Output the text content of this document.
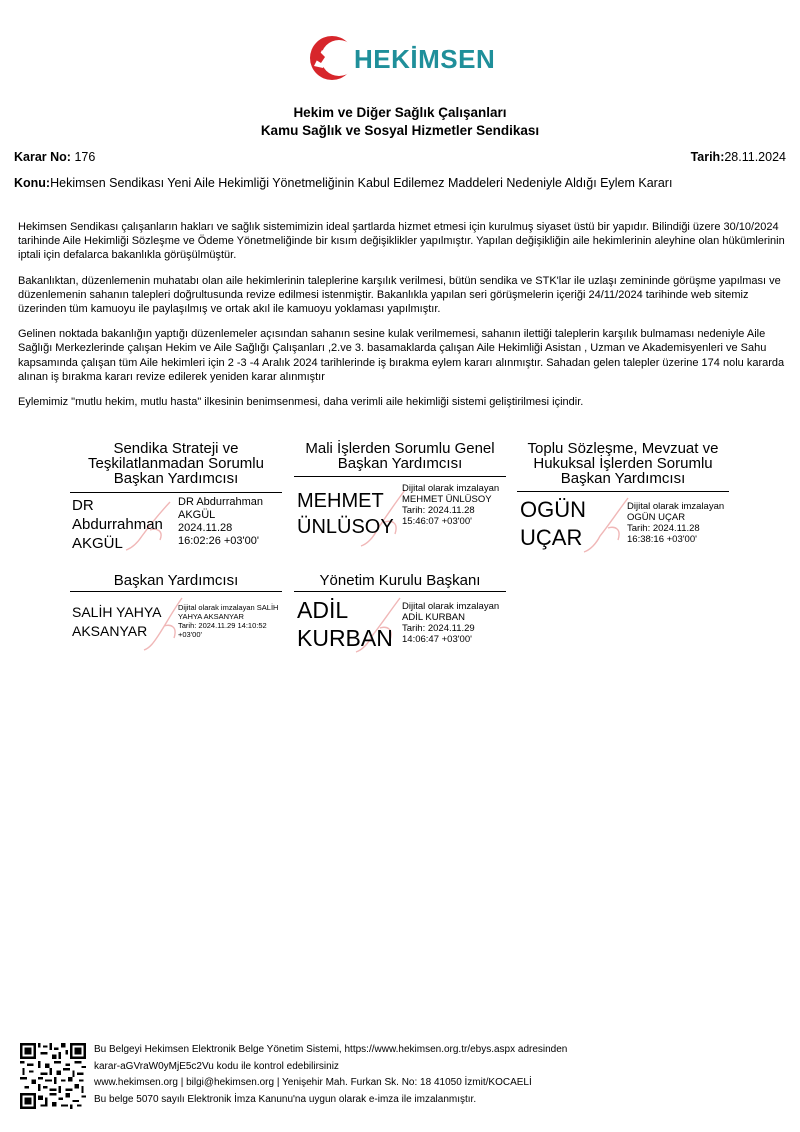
HEKİMSEN
Hekim ve Diğer Sağlık Çalışanları
Kamu Sağlık ve Sosyal Hizmetler Sendikası
Karar No: 176	Tarih:28.11.2024
Konu:Hekimsen Sendikası Yeni Aile Hekimliği Yönetmeliğinin Kabul Edilemez Maddeleri Nedeniyle Aldığı Eylem Kararı

Hekimsen Sendikası çalışanların hakları ve sağlık sistemimizin ideal şartlarda hizmet etmesi için kurulmuş siyaset üstü bir yapıdır. Bilindiği üzere 30/10/2024 tarihinde Aile Hekimliği Sözleşme ve Ödeme Yönetmeliğinde bir kısım değişiklikler yapılmıştır. Yapılan değişikliğin aile hekimlerinin aleyhine olan hükümlerinin iptali için defalarca bakanlıkla görüşülmüştür.

Bakanlıktan, düzenlemenin muhatabı olan aile hekimlerinin taleplerine karşılık verilmesi, bütün sendika ve STK'lar ile uzlaşı zemininde görüşme yapılması ve düzenlemenin sahanın talepleri doğrultusunda revize edilmesi istenmiştir. Bakanlıkla yapılan seri görüşmelerin içeriği 24/11/2024 tarihinde web sitemiz üzerinden tüm kamuoyu ile paylaşılmış ve ortak akıl ile kamuoyu yoklaması yapılmıştır.

Gelinen noktada bakanlığın yaptığı düzenlemeler açısından sahanın sesine kulak verilmemesi, sahanın ilettiği taleplerin karşılık bulmaması nedeniyle Aile Sağlığı Merkezlerinde çalışan Hekim ve Aile Sağlığı Çalışanları ,2.ve 3. basamaklarda çalışan Aile Hekimliği Asistan , Uzman ve Akademisyenleri ve Sahu kapsamında çalışan tüm Aile hekimleri için 2 -3 -4 Aralık 2024 tarihlerinde iş bırakma eylem kararı alınmıştır. Sahadan gelen talepler üzerine 174 nolu kararda alınan iş bırakma kararı revize edilerek yeniden karar alınmıştır

Eylemimiz "mutlu hekim, mutlu hasta" ilkesinin benimsenmesi, daha verimli aile hekimliği sistemi geliştirilmesi içindir.

Sendika Strateji ve Teşkilatlanmadan Sorumlu Başkan Yardımcısı
DR
Abdurrahman
AKGÜL
DR Abdurrahman AKGÜL
2024.11.28
16:02:26 +03'00'
Mali İşlerden Sorumlu Genel Başkan Yardımcısı
MEHMET
ÜNLÜSOY
Dijital olarak imzalayan MEHMET ÜNLÜSOY
Tarih: 2024.11.28
15:46:07 +03'00'
Toplu Sözleşme, Mevzuat ve Hukuksal İşlerden Sorumlu Başkan Yardımcısı
OGÜN
UÇAR
Dijital olarak imzalayan OGÜN UÇAR
Tarih: 2024.11.28
16:38:16 +03'00'
Başkan Yardımcısı
SALİH YAHYA
AKSANYAR
Dijital olarak imzalayan SALİH YAHYA AKSANYAR
Tarih: 2024.11.29 14:10:52
+03'00'
Yönetim Kurulu Başkanı
ADİL
KURBAN
Dijital olarak imzalayan ADİL KURBAN
Tarih: 2024.11.29
14:06:47 +03'00'
Bu Belgeyi Hekimsen Elektronik Belge Yönetim Sistemi, https://www.hekimsen.org.tr/ebys.aspx adresinden
karar-aGVraW0yMjE5c2Vu kodu ile kontrol edebilirsiniz
www.hekimsen.org | bilgi@hekimsen.org | Yenişehir Mah. Furkan Sk. No: 18 41050 İzmit/KOCAELİ
Bu belge 5070 sayılı Elektronik İmza Kanunu'na uygun olarak e-imza ile imzalanmıştır.
